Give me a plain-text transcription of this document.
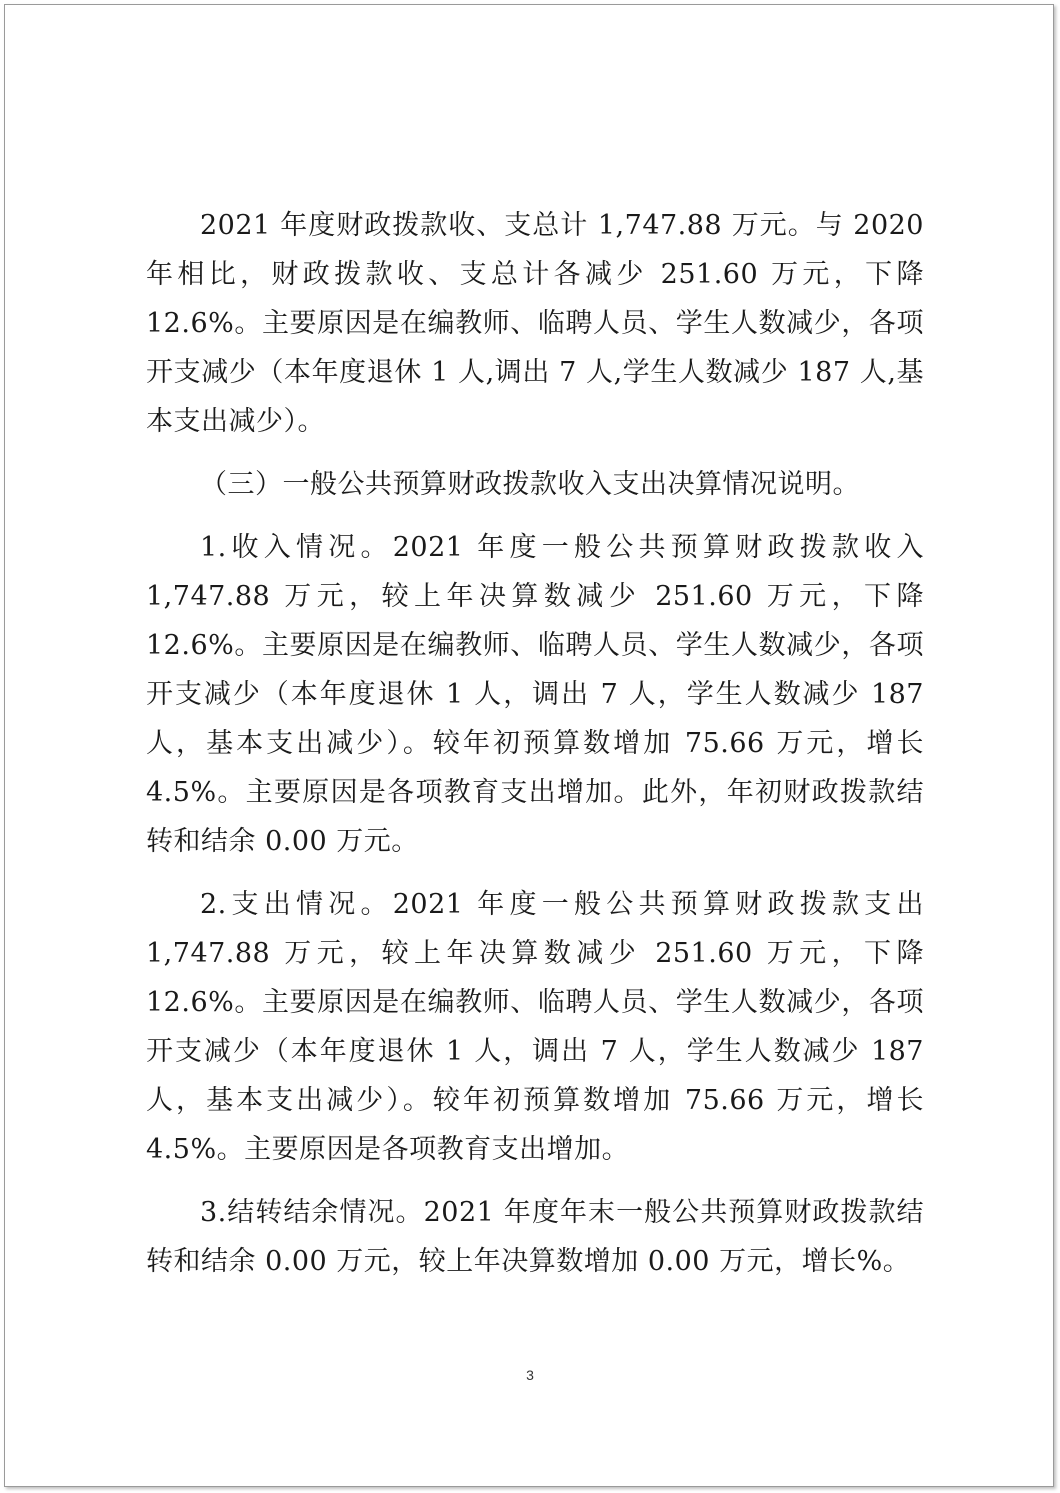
2021 年度财政拨款收、支总计 1,747.88 万元。与 2020 年相比，财政拨款收、支总计各减少 251.60 万元，下降 12.6%。主要原因是在编教师、临聘人员、学生人数减少，各项开支减少（本年度退休 1 人,调出 7 人,学生人数减少 187 人,基本支出减少）。

（三）一般公共预算财政拨款收入支出决算情况说明。

1.收入情况。2021 年度一般公共预算财政拨款收入 1,747.88 万元，较上年决算数减少 251.60 万元，下降 12.6%。主要原因是在编教师、临聘人员、学生人数减少，各项开支减少（本年度退休 1 人，调出 7 人，学生人数减少 187 人，基本支出减少）。较年初预算数增加 75.66 万元，增长 4.5%。主要原因是各项教育支出增加。此外，年初财政拨款结转和结余 0.00 万元。

2.支出情况。2021 年度一般公共预算财政拨款支出 1,747.88 万元，较上年决算数减少 251.60 万元，下降 12.6%。主要原因是在编教师、临聘人员、学生人数减少，各项开支减少（本年度退休 1 人，调出 7 人，学生人数减少 187 人，基本支出减少）。较年初预算数增加 75.66 万元，增长 4.5%。主要原因是各项教育支出增加。

3.结转结余情况。2021 年度年末一般公共预算财政拨款结转和结余 0.00 万元，较上年决算数增加 0.00 万元，增长%。

3
